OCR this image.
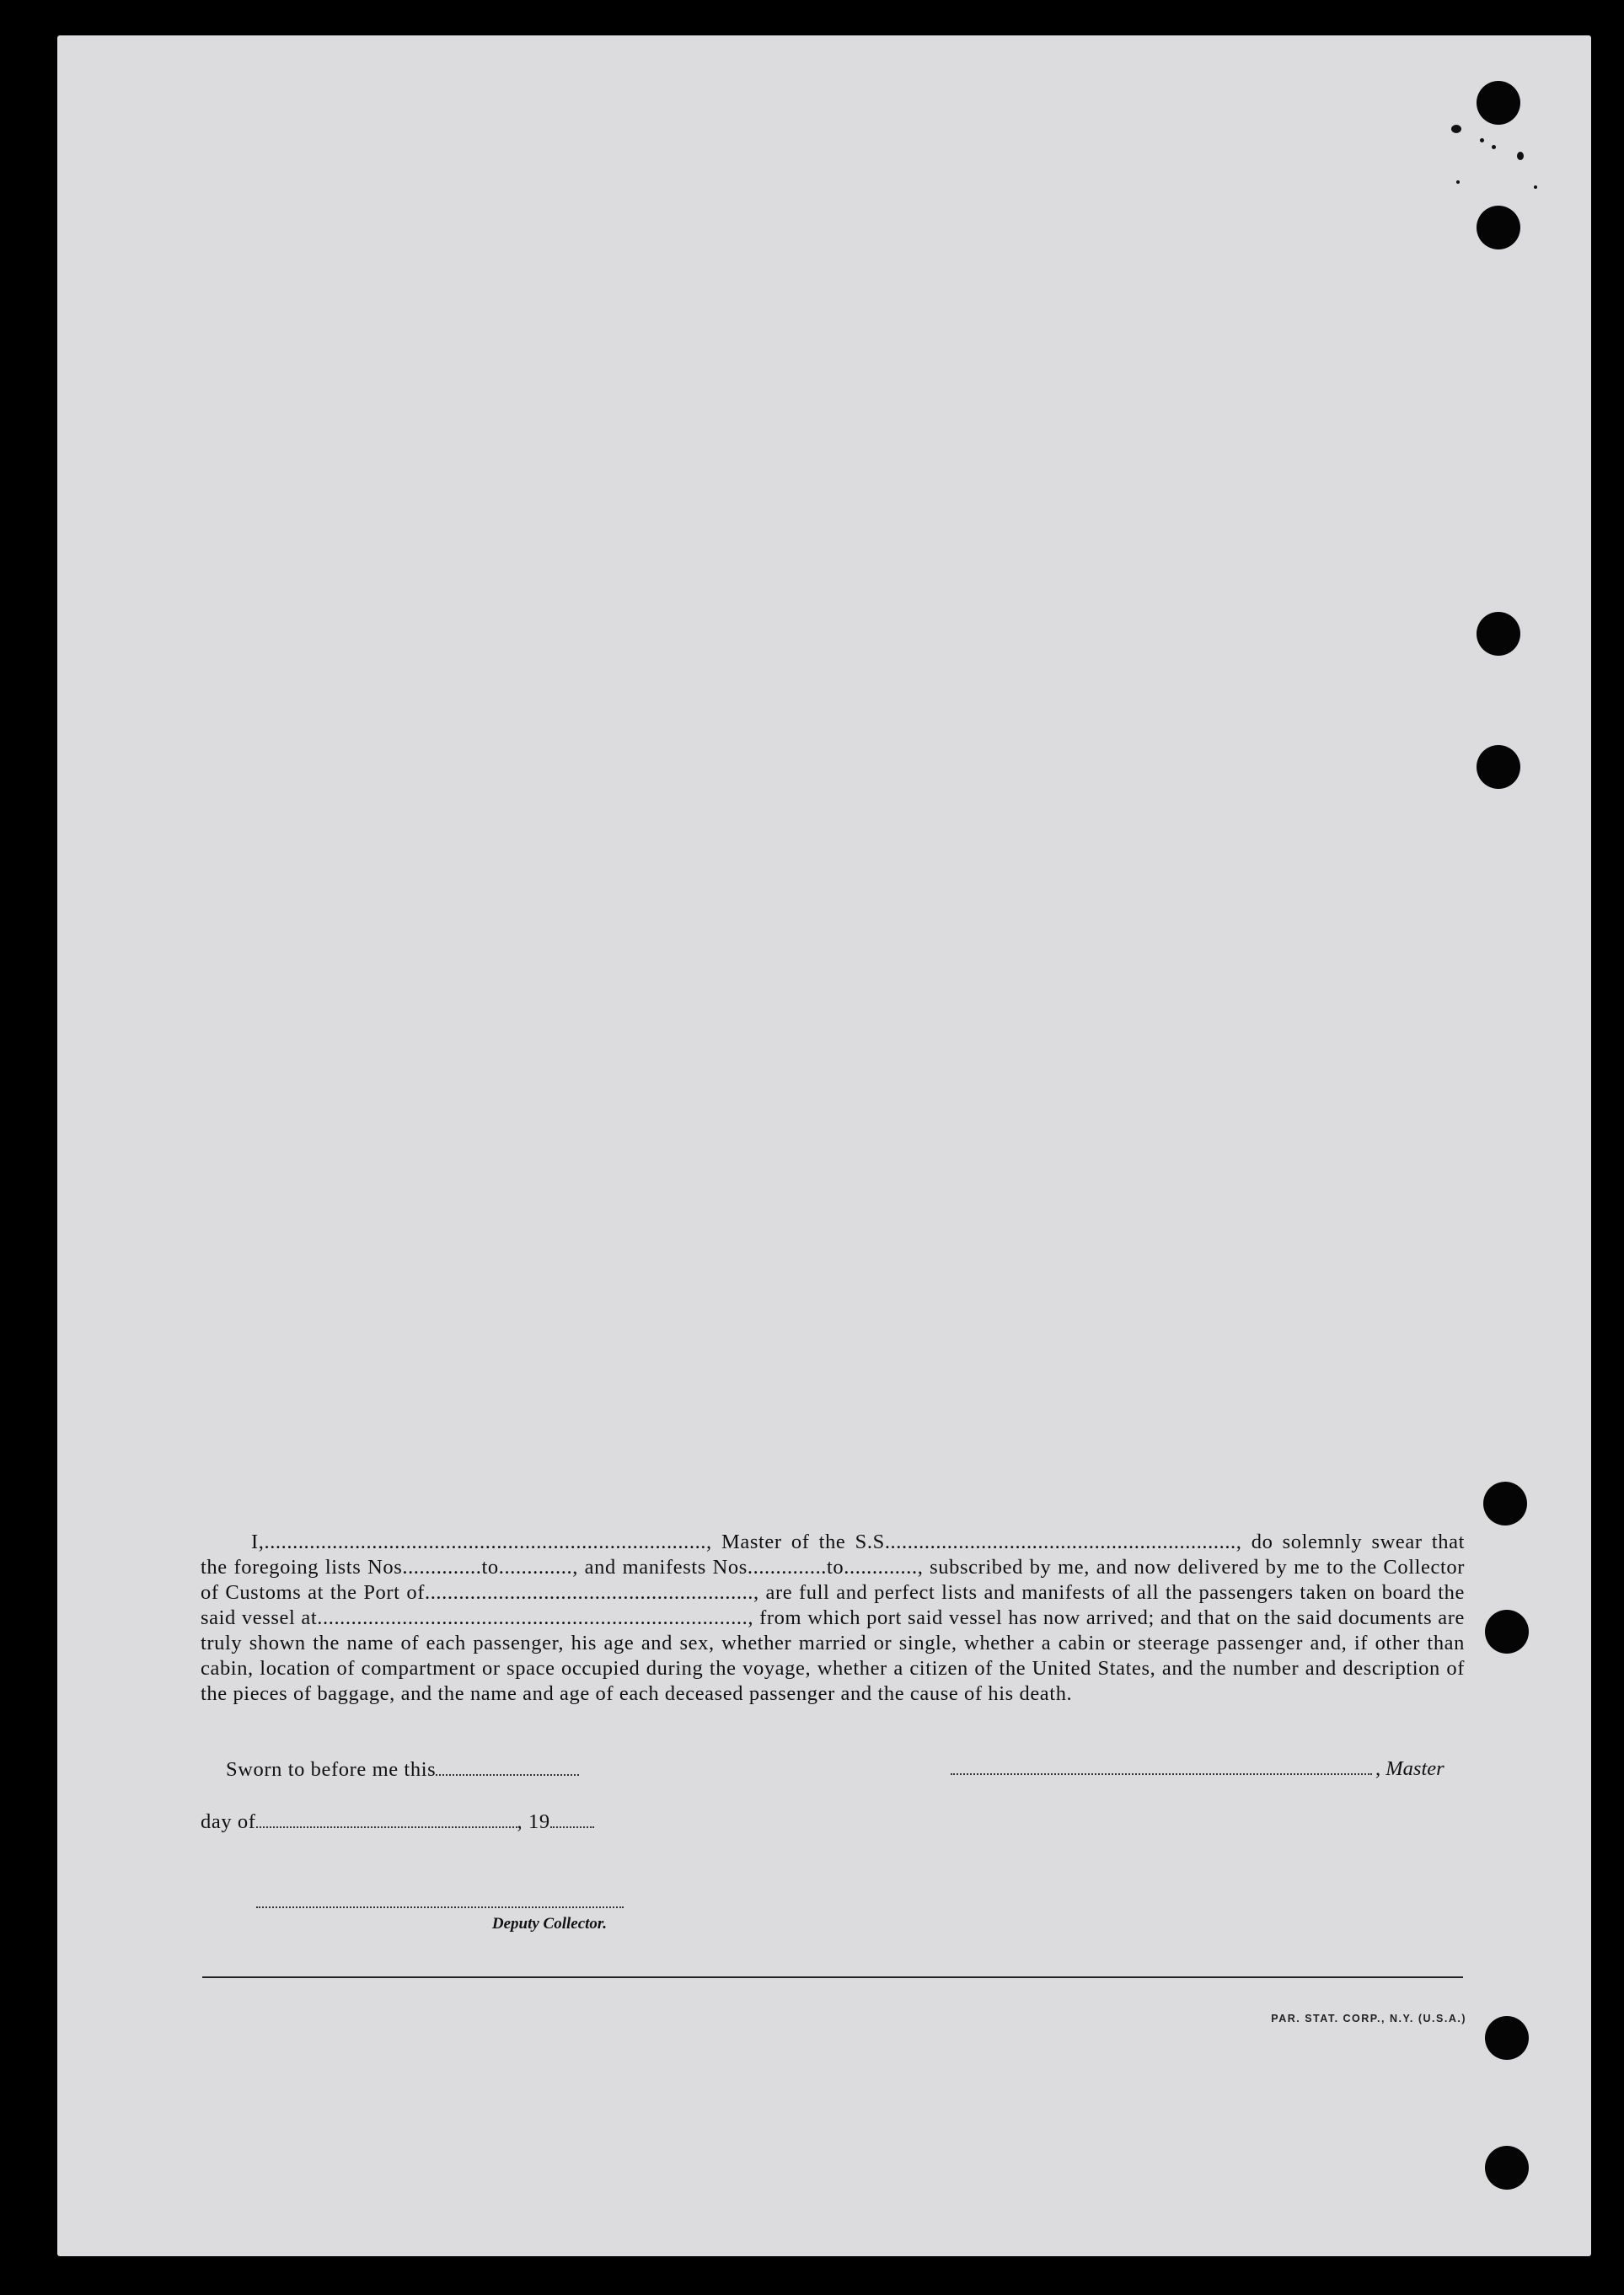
I,.............................................................................., Master of the S.S.............................................................., do solemnly swear that the foregoing lists Nos..............to............., and manifests Nos..............to............., subscribed by me, and now delivered by me to the Collector of Customs at the Port of.........................................................., are full and perfect lists and manifests of all the passengers taken on board the said vessel at............................................................................, from which port said vessel has now arrived; and that on the said documents are truly shown the name of each passenger, his age and sex, whether married or single, whether a cabin or steerage passenger and, if other than cabin, location of compartment or space occupied during the voyage, whether a citizen of the United States, and the number and description of the pieces of baggage, and the name and age of each deceased passenger and the cause of his death.

Sworn to before me this	, Master
day of	, 19
Deputy Collector.
PAR. STAT. CORP., N.Y. (U.S.A.)
